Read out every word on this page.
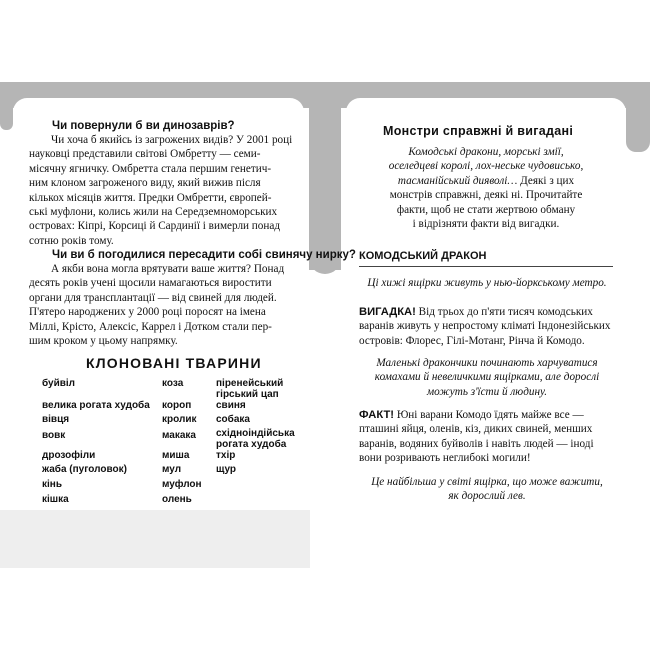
Чи повернули б ви динозаврів?
Чи хоча б якийсь із загрожених видів? У 2001 році
науковці представили світові Омбретту — семи-
місячну ягничку. Омбретта стала першим генетич-
ним клоном загроженого виду, який вижив після
кількох місяців життя. Предки Омбретти, європей-
ські муфлони, колись жили на Середземноморських
островах: Кіпрі, Корсиці й Сардинії і вимерли понад
сотню років тому.
Чи ви б погодилися пересадити собі свинячу нирку?
А якби вона могла врятувати ваше життя? Понад
десять років учені щосили намагаються виростити
органи для трансплантації — від свиней для людей.
П'ятеро народжених у 2000 році поросят на імена
Міллі, Крісто, Алексіс, Каррел і Дотком стали пер-
шим кроком у цьому напрямку.
КЛОНОВАНІ ТВАРИНИ
буйвіл
велика рогата худоба
вівця
вовк
дрозофіли
жаба (пуголовок)
кінь
кішка
коза
короп
кролик
макака
миша
мул
муфлон
олень
піренейський гірський цап
свиня
собака
східноіндійська рогата худоба
тхір
щур
Монстри справжні й вигадані
Комодські дракони, морські змії,
оселедцеві королі, лох-неське чудовисько,
тасманійський дияволі… Деякі з цих
монстрів справжні, деякі ні. Прочитайте
факти, щоб не стати жертвою обману
і відрізняти факти від вигадки.
КОМОДСЬКИЙ ДРАКОН
Ці хижі ящірки живуть у нью-йоркському метро.
ВИГАДКА! Від трьох до п'яти тисяч комодських
варанів живуть у непростому кліматі Індонезійських
островів: Флорес, Гілі-Мотанг, Рінча й Комодо.
Маленькі дракончики починають харчуватися
комахами й невеличкими ящірками, але дорослі
можуть з'їсти й людину.
ФАКТ! Юні варани Комодо їдять майже все —
пташині яйця, оленів, кіз, диких свиней, менших
варанів, водяних буйволів і навіть людей — іноді
вони розривають неглибокі могили!
Це найбільша у світі ящірка, що може важити,
як дорослий лев.
